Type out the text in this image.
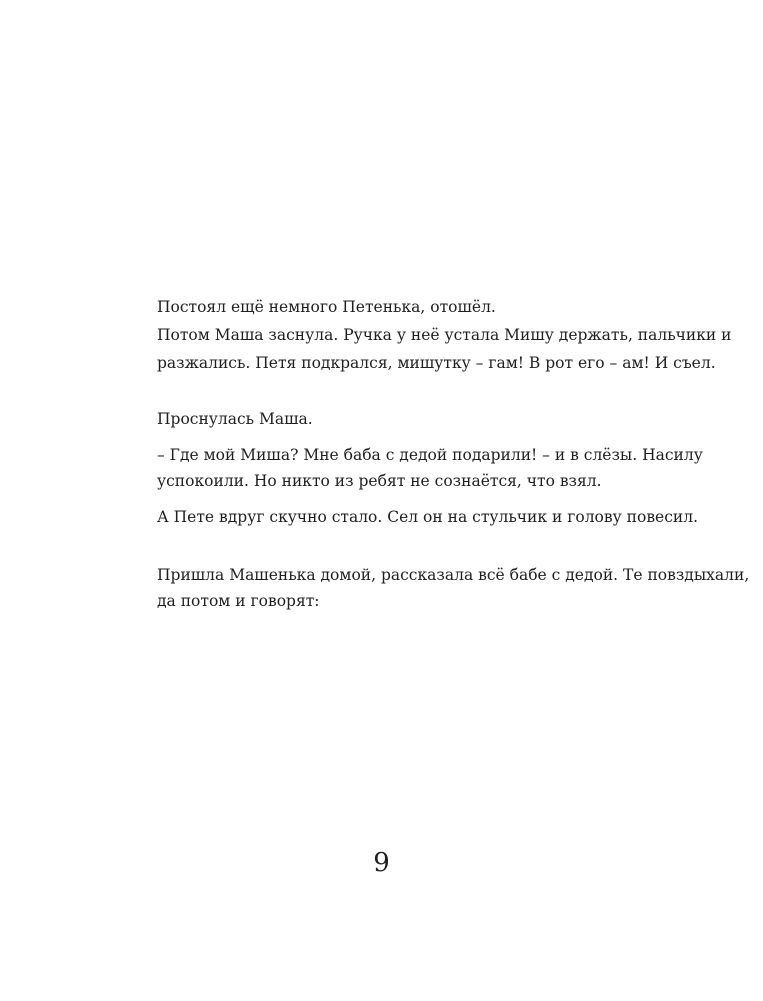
Постоял ещё немного Петенька, отошёл.

Потом Маша заснула. Ручка у неё устала Мишу держать, пальчики и

разжались. Петя подкрался, мишутку – гам! В рот его – ам! И съел.

Проснулась Маша.

– Где мой Миша? Мне баба с дедой подарили! – и в слёзы. Насилу

успокоили. Но никто из ребят не сознаётся, что взял.

А Пете вдруг скучно стало. Сел он на стульчик и голову повесил.

Пришла Машенька домой, рассказала всё бабе с дедой. Те повздыхали,

да потом и говорят:

9
